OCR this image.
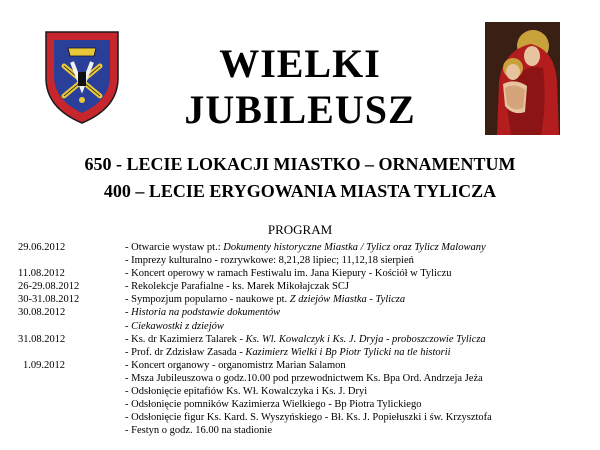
WIELKI
JUBILEUSZ
650 - LECIE LOKACJI MIASTKO – ORNAMENTUM
400 – LECIE ERYGOWANIA MIASTA TYLICZA
PROGRAM
29.06.2012	- Otwarcie wystaw pt.: Dokumenty historyczne Miastka / Tylicz oraz Tylicz Malowany
- Imprezy kulturalno - rozrywkowe: 8,21,28 lipiec; 11,12,18 sierpień
11.08.2012	- Koncert operowy w ramach Festiwalu im. Jana Kiepury - Kościół w Tyliczu
26-29.08.2012	- Rekolekcje Parafialne - ks. Marek Mikołajczak SCJ
30-31.08.2012	- Sympozjum popularno - naukowe pt. Z dziejów Miastka - Tylicza
30.08.2012	- Historia na podstawie dokumentów
- Ciekawostki z dziejów
31.08.2012	- Ks. dr Kazimierz Talarek - Ks. Wl. Kowalczyk i Ks. J. Dryja - proboszczowie Tylicza
- Prof. dr Zdzisław Zasada - Kazimierz Wielki i Bp Piotr Tylicki na tle historii
1.09.2012	- Koncert organowy - organomistrz Marian Salamon
- Msza Jubileuszowa o godz.10.00 pod przewodnictwem Ks. Bpa Ord. Andrzeja Jeża
- Odsłonięcie epitafiów Ks. Wł. Kowalczyka i Ks. J. Dryi
- Odsłonięcie pomników Kazimierza Wielkiego - Bp Piotra Tylickiego
- Odsłonięcie figur Ks. Kard. S. Wyszyńskiego - Bł. Ks. J. Popiełuszki i św. Krzysztofa
- Festyn o godz. 16.00 na stadionie
